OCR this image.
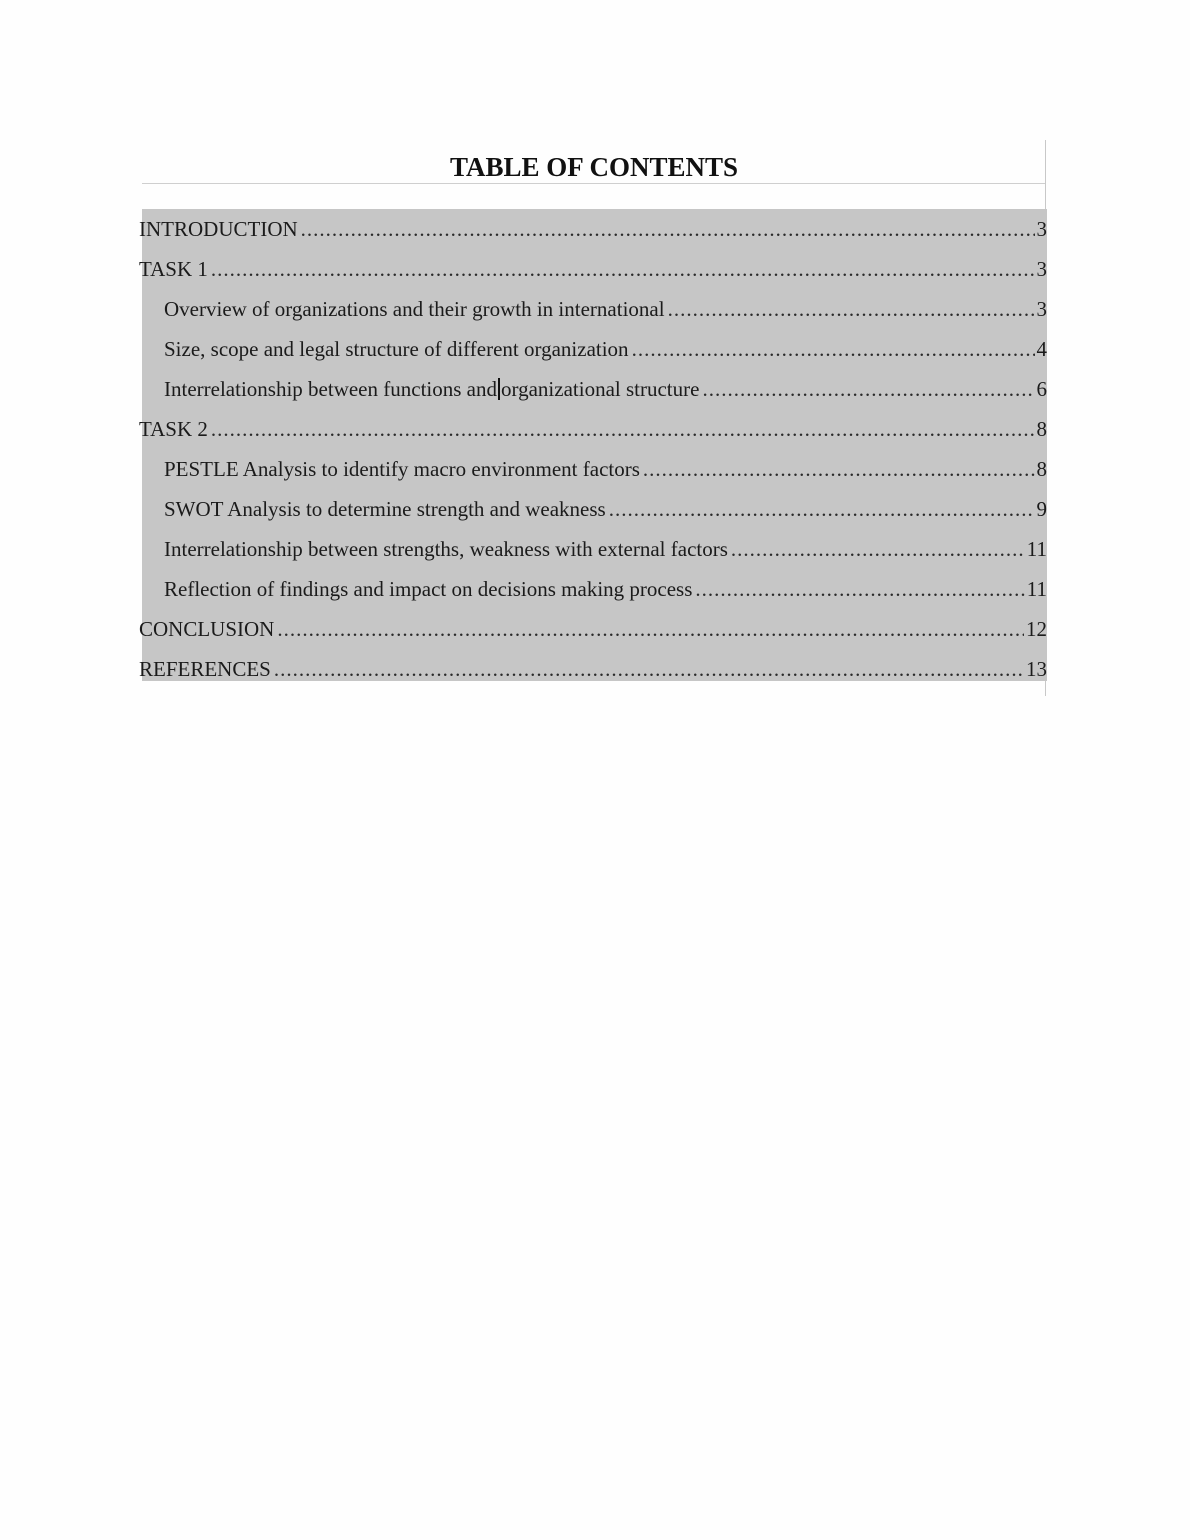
TABLE OF CONTENTS
INTRODUCTION .....	3
TASK 1 .....	3
Overview of organizations and their growth in international .....	3
Size, scope and legal structure of different organization .....	4
Interrelationship between functions and organizational structure .....	6
TASK 2 .....	8
PESTLE Analysis to identify macro environment factors .....	8
SWOT Analysis to determine strength and weakness .....	9
Interrelationship between strengths, weakness with external factors .....	11
Reflection of findings and impact on decisions making process .....	11
CONCLUSION .....	12
REFERENCES .....	13
